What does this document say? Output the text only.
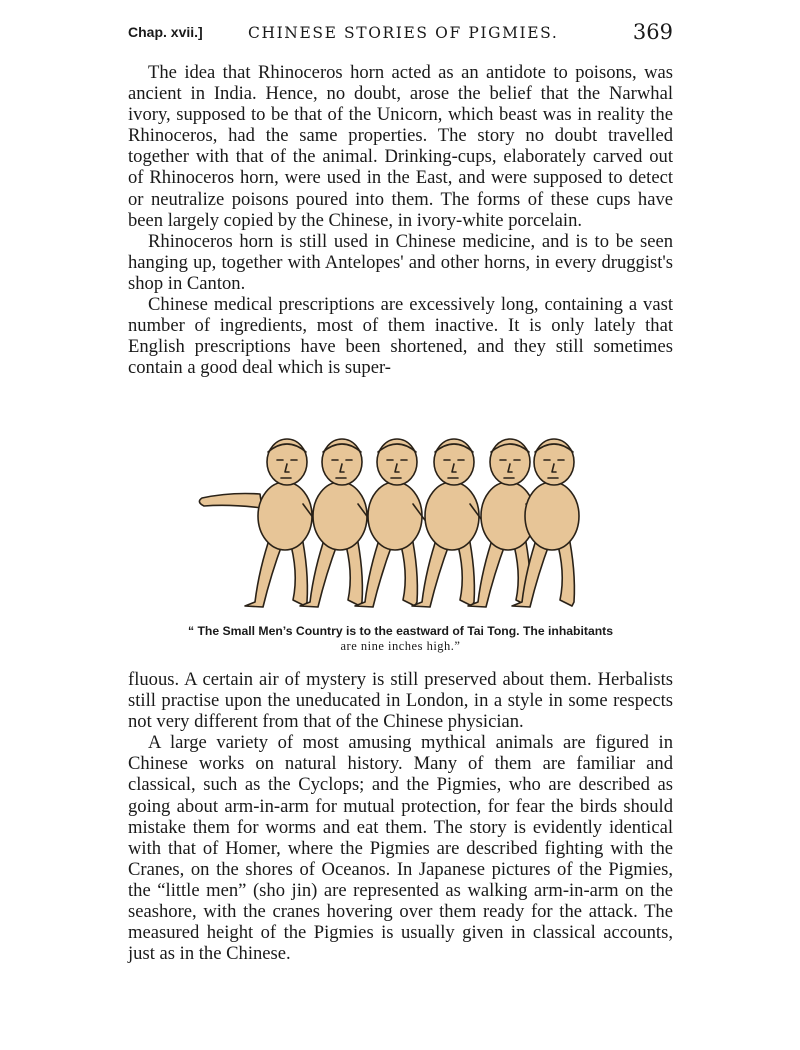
Chap. xvii.]	CHINESE STORIES OF PIGMIES.	369

The idea that Rhinoceros horn acted as an antidote to poisons, was ancient in India. Hence, no doubt, arose the belief that the Narwhal ivory, supposed to be that of the Unicorn, which beast was in reality the Rhinoceros, had the same properties. The story no doubt travelled together with that of the animal. Drinking-cups, elaborately carved out of Rhinoceros horn, were used in the East, and were supposed to detect or neutralize poisons poured into them. The forms of these cups have been largely copied by the Chinese, in ivory-white porcelain.

Rhinoceros horn is still used in Chinese medicine, and is to be seen hanging up, together with Antelopes' and other horns, in every druggist's shop in Canton.

Chinese medical prescriptions are excessively long, containing a vast number of ingredients, most of them inactive. It is only lately that English prescriptions have been shortened, and they still sometimes contain a good deal which is super-

“ The Small Men’s Country is to the eastward of Tai Tong. The inhabitants
are nine inches high.”

fluous. A certain air of mystery is still preserved about them. Herbalists still practise upon the uneducated in London, in a style in some respects not very different from that of the Chinese physician.

A large variety of most amusing mythical animals are figured in Chinese works on natural history. Many of them are familiar and classical, such as the Cyclops; and the Pigmies, who are described as going about arm-in-arm for mutual protection, for fear the birds should mistake them for worms and eat them. The story is evidently identical with that of Homer, where the Pigmies are described fighting with the Cranes, on the shores of Oceanos. In Japanese pictures of the Pigmies, the “little men” (sho jin) are represented as walking arm-in-arm on the seashore, with the cranes hovering over them ready for the attack. The measured height of the Pigmies is usually given in classical accounts, just as in the Chinese.
